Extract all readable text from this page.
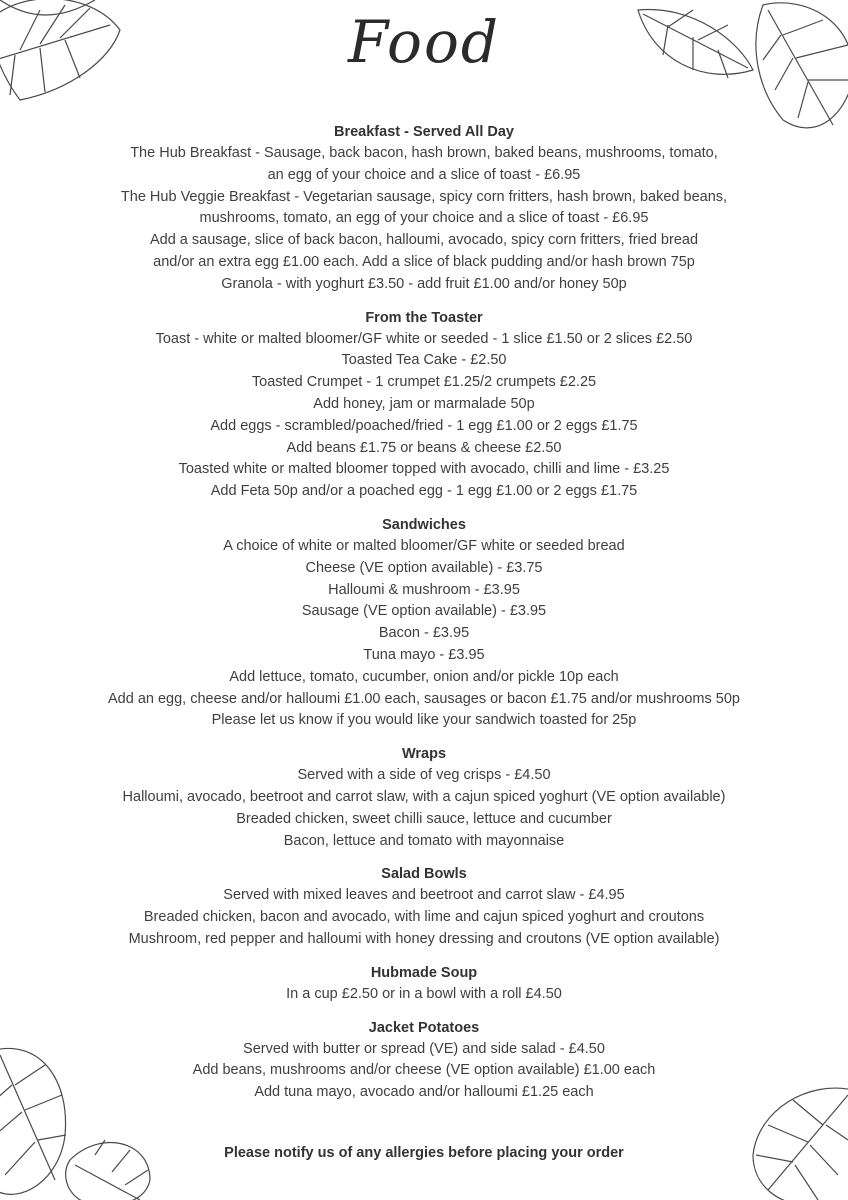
Food
Breakfast - Served All Day
The Hub Breakfast - Sausage, back bacon, hash brown, baked beans, mushrooms, tomato,
an egg of your choice and a slice of toast - £6.95
The Hub Veggie Breakfast - Vegetarian sausage, spicy corn fritters, hash brown, baked beans,
mushrooms, tomato, an egg of your choice and a slice of toast - £6.95
Add a sausage, slice of back bacon, halloumi, avocado, spicy corn fritters, fried bread
and/or an extra egg £1.00 each. Add a slice of black pudding and/or hash brown 75p
Granola - with yoghurt £3.50 - add fruit £1.00 and/or honey 50p
From the Toaster
Toast - white or malted bloomer/GF white or seeded - 1 slice £1.50 or 2 slices £2.50
Toasted Tea Cake - £2.50
Toasted Crumpet - 1 crumpet £1.25/2 crumpets £2.25
Add honey, jam or marmalade 50p
Add eggs - scrambled/poached/fried - 1 egg £1.00 or 2 eggs £1.75
Add beans £1.75 or beans & cheese £2.50
Toasted white or malted bloomer topped with avocado, chilli and lime - £3.25
Add Feta 50p and/or a poached egg - 1 egg £1.00 or 2 eggs £1.75
Sandwiches
A choice of white or malted bloomer/GF white or seeded bread
Cheese (VE option available) - £3.75
Halloumi & mushroom - £3.95
Sausage (VE option available) - £3.95
Bacon - £3.95
Tuna mayo - £3.95
Add lettuce, tomato, cucumber, onion and/or pickle 10p each
Add an egg, cheese and/or halloumi £1.00 each, sausages or bacon £1.75 and/or mushrooms 50p
Please let us know if you would like your sandwich toasted for 25p
Wraps
Served with a side of veg crisps - £4.50
Halloumi, avocado, beetroot and carrot slaw, with a cajun spiced yoghurt (VE option available)
Breaded chicken, sweet chilli sauce, lettuce and cucumber
Bacon, lettuce and tomato with mayonnaise
Salad Bowls
Served with mixed leaves and beetroot and carrot slaw - £4.95
Breaded chicken, bacon and avocado, with lime and cajun spiced yoghurt and croutons
Mushroom, red pepper and halloumi with honey dressing and croutons (VE option available)
Hubmade Soup
In a cup £2.50 or in a bowl with a roll £4.50
Jacket Potatoes
Served with butter or spread (VE) and side salad - £4.50
Add beans, mushrooms and/or cheese (VE option available) £1.00 each
Add tuna mayo, avocado and/or halloumi £1.25 each
Please notify us of any allergies before placing your order
